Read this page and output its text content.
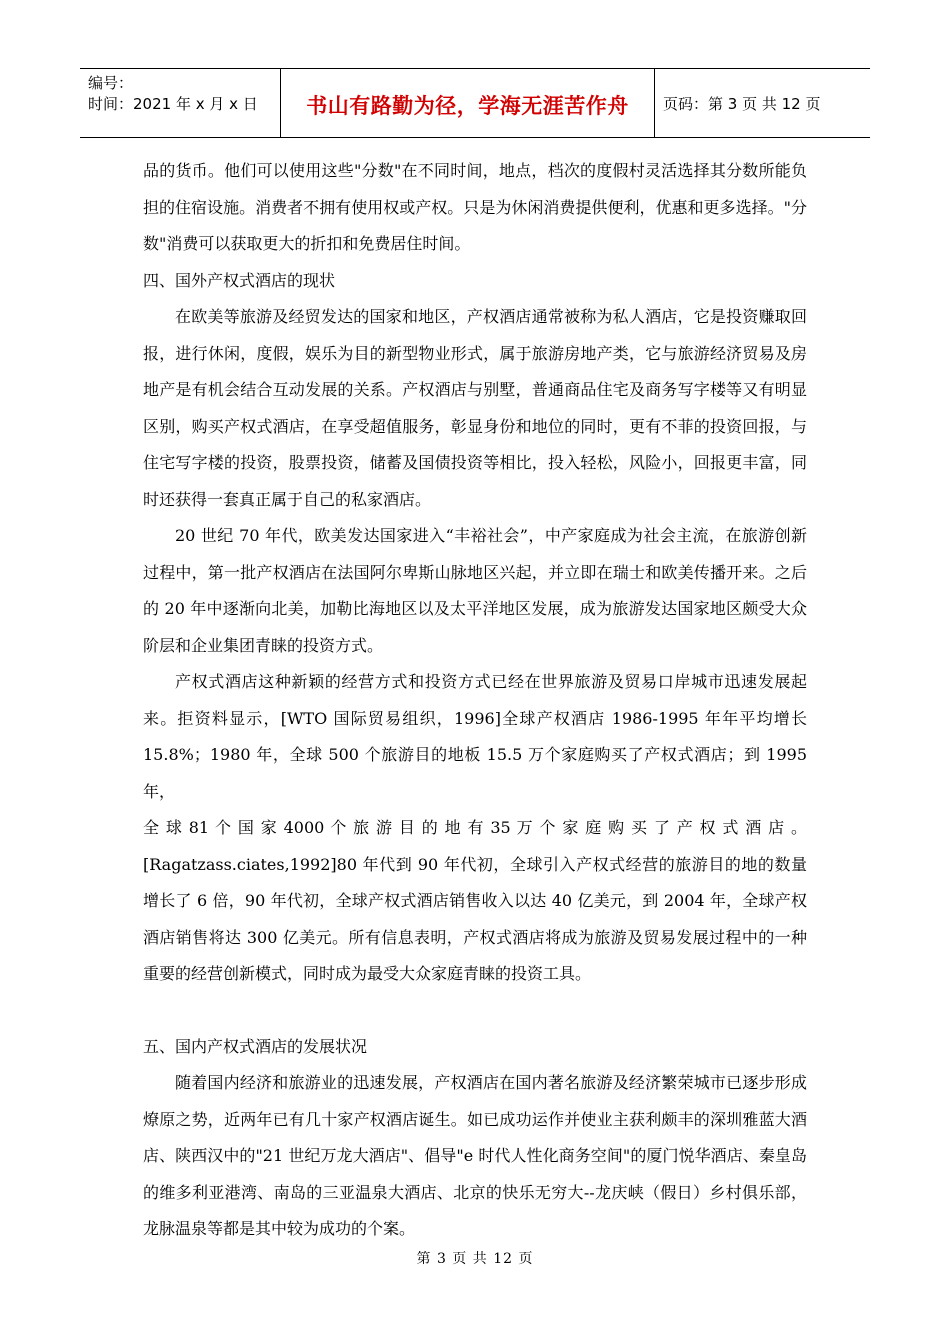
编号：
时间：2021 年 x 月 x 日	书山有路勤为径，学海无涯苦作舟	页码：第 3 页 共 12 页

品的货币。他们可以使用这些"分数"在不同时间，地点，档次的度假村灵活选择其分数所能负担的住宿设施。消费者不拥有使用权或产权。只是为休闲消费提供便利，优惠和更多选择。"分数"消费可以获取更大的折扣和免费居住时间。

四、国外产权式酒店的现状

在欧美等旅游及经贸发达的国家和地区，产权酒店通常被称为私人酒店，它是投资赚取回报，进行休闲，度假，娱乐为目的新型物业形式，属于旅游房地产类，它与旅游经济贸易及房地产是有机会结合互动发展的关系。产权酒店与别墅，普通商品住宅及商务写字楼等又有明显区别，购买产权式酒店，在享受超值服务，彰显身份和地位的同时，更有不菲的投资回报，与住宅写字楼的投资，股票投资，储蓄及国债投资等相比，投入轻松，风险小，回报更丰富，同时还获得一套真正属于自己的私家酒店。

20 世纪 70 年代，欧美发达国家进入“丰裕社会”，中产家庭成为社会主流，在旅游创新过程中，第一批产权酒店在法国阿尔卑斯山脉地区兴起，并立即在瑞士和欧美传播开来。之后的 20 年中逐渐向北美，加勒比海地区以及太平洋地区发展，成为旅游发达国家地区颇受大众阶层和企业集团青睐的投资方式。

产权式酒店这种新颖的经营方式和投资方式已经在世界旅游及贸易口岸城市迅速发展起来。拒资料显示，[WTO 国际贸易组织，1996]全球产权酒店 1986-1995 年年平均增长 15.8%；1980 年，全球 500 个旅游目的地板 15.5 万个家庭购买了产权式酒店；到 1995 年，

全 球 81 个 国 家 4000 个 旅 游 目 的 地 有 35 万 个 家 庭 购 买 了 产 权 式 酒 店 。

[Ragatzass.ciates,1992]80 年代到 90 年代初，全球引入产权式经营的旅游目的地的数量增长了 6 倍，90 年代初，全球产权式酒店销售收入以达 40 亿美元，到 2004 年，全球产权酒店销售将达 300 亿美元。所有信息表明，产权式酒店将成为旅游及贸易发展过程中的一种重要的经营创新模式，同时成为最受大众家庭青睐的投资工具。

五、国内产权式酒店的发展状况

随着国内经济和旅游业的迅速发展，产权酒店在国内著名旅游及经济繁荣城市已逐步形成燎原之势，近两年已有几十家产权酒店诞生。如已成功运作并使业主获利颇丰的深圳雅蓝大酒店、陕西汉中的"21 世纪万龙大酒店"、倡导"e 时代人性化商务空间"的厦门悦华酒店、秦皇岛的维多利亚港湾、南岛的三亚温泉大酒店、北京的快乐无穷大--龙庆峡（假日）乡村俱乐部，龙脉温泉等都是其中较为成功的个案。

第 3 页 共 12 页
